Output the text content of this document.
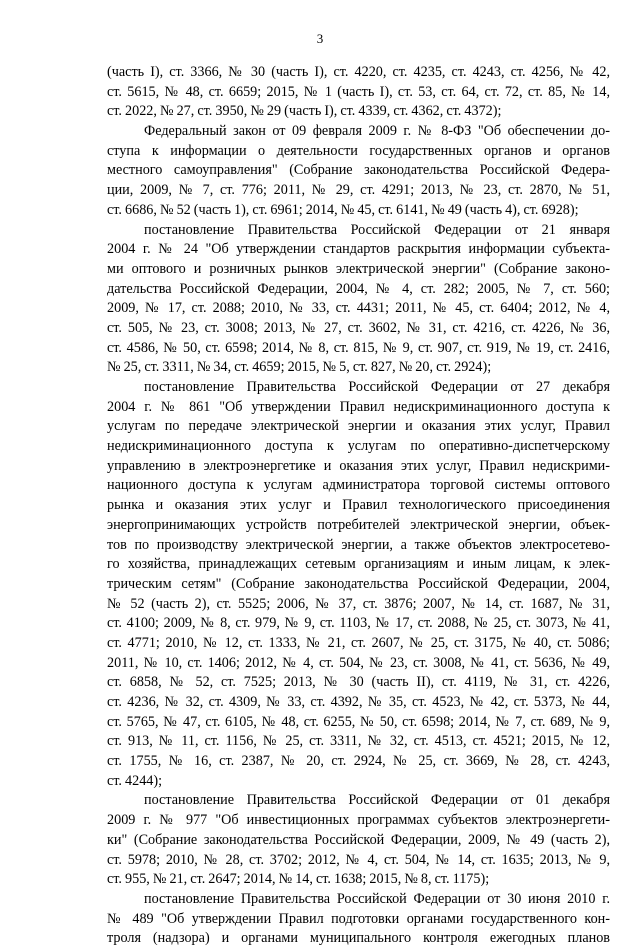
3
(часть I), ст. 3366, № 30 (часть I), ст. 4220, ст. 4235, ст. 4243, ст. 4256, № 42,
ст. 5615, № 48, ст. 6659; 2015, № 1 (часть I), ст. 53, ст. 64, ст. 72, ст. 85, № 14,
ст. 2022, № 27, ст. 3950, № 29 (часть I), ст. 4339, ст. 4362, ст. 4372);
Федеральный закон от 09 февраля 2009 г. № 8-ФЗ "Об обеспечении до-
ступа к информации о деятельности государственных органов и органов
местного самоуправления" (Собрание законодательства Российской Федера-
ции, 2009, № 7, ст. 776; 2011, № 29, ст. 4291; 2013, № 23, ст. 2870, № 51,
ст. 6686, № 52 (часть 1), ст. 6961; 2014, № 45, ст. 6141, № 49 (часть 4), ст. 6928);
постановление Правительства Российской Федерации от 21 января
2004 г. № 24 "Об утверждении стандартов раскрытия информации субъекта-
ми оптового и розничных рынков электрической энергии" (Собрание законо-
дательства Российской Федерации, 2004, № 4, ст. 282; 2005, № 7, ст. 560;
2009, № 17, ст. 2088; 2010, № 33, ст. 4431; 2011, № 45, ст. 6404; 2012, № 4,
ст. 505, № 23, ст. 3008; 2013, № 27, ст. 3602, № 31, ст. 4216, ст. 4226, № 36,
ст. 4586, № 50, ст. 6598; 2014, № 8, ст. 815, № 9, ст. 907, ст. 919, № 19, ст. 2416,
№ 25, ст. 3311, № 34, ст. 4659; 2015, № 5, ст. 827, № 20, ст. 2924);
постановление Правительства Российской Федерации от 27 декабря
2004 г. № 861 "Об утверждении Правил недискриминационного доступа к
услугам по передаче электрической энергии и оказания этих услуг, Правил
недискриминационного доступа к услугам по оперативно-диспетчерскому
управлению в электроэнергетике и оказания этих услуг, Правил недискрими-
национного доступа к услугам администратора торговой системы оптового
рынка и оказания этих услуг и Правил технологического присоединения
энергопринимающих устройств потребителей электрической энергии, объек-
тов по производству электрической энергии, а также объектов электросетево-
го хозяйства, принадлежащих сетевым организациям и иным лицам, к элек-
трическим сетям" (Собрание законодательства Российской Федерации, 2004,
№ 52 (часть 2), ст. 5525; 2006, № 37, ст. 3876; 2007, № 14, ст. 1687, № 31,
ст. 4100; 2009, № 8, ст. 979, № 9, ст. 1103, № 17, ст. 2088, № 25, ст. 3073, № 41,
ст. 4771; 2010, № 12, ст. 1333, № 21, ст. 2607, № 25, ст. 3175, № 40, ст. 5086;
2011, № 10, ст. 1406; 2012, № 4, ст. 504, № 23, ст. 3008, № 41, ст. 5636, № 49,
ст. 6858, № 52, ст. 7525; 2013, № 30 (часть II), ст. 4119, № 31, ст. 4226,
ст. 4236, № 32, ст. 4309, № 33, ст. 4392, № 35, ст. 4523, № 42, ст. 5373, № 44,
ст. 5765, № 47, ст. 6105, № 48, ст. 6255, № 50, ст. 6598; 2014, № 7, ст. 689, № 9,
ст. 913, № 11, ст. 1156, № 25, ст. 3311, № 32, ст. 4513, ст. 4521; 2015, № 12,
ст. 1755, № 16, ст. 2387, № 20, ст. 2924, № 25, ст. 3669, № 28, ст. 4243,
ст. 4244);
постановление Правительства Российской Федерации от 01 декабря
2009 г. № 977 "Об инвестиционных программах субъектов электроэнергети-
ки" (Собрание законодательства Российской Федерации, 2009, № 49 (часть 2),
ст. 5978; 2010, № 28, ст. 3702; 2012, № 4, ст. 504, № 14, ст. 1635; 2013, № 9,
ст. 955, № 21, ст. 2647; 2014, № 14, ст. 1638; 2015, № 8, ст. 1175);
постановление Правительства Российской Федерации от 30 июня 2010 г.
№ 489 "Об утверждении Правил подготовки органами государственного кон-
троля (надзора) и органами муниципального контроля ежегодных планов
